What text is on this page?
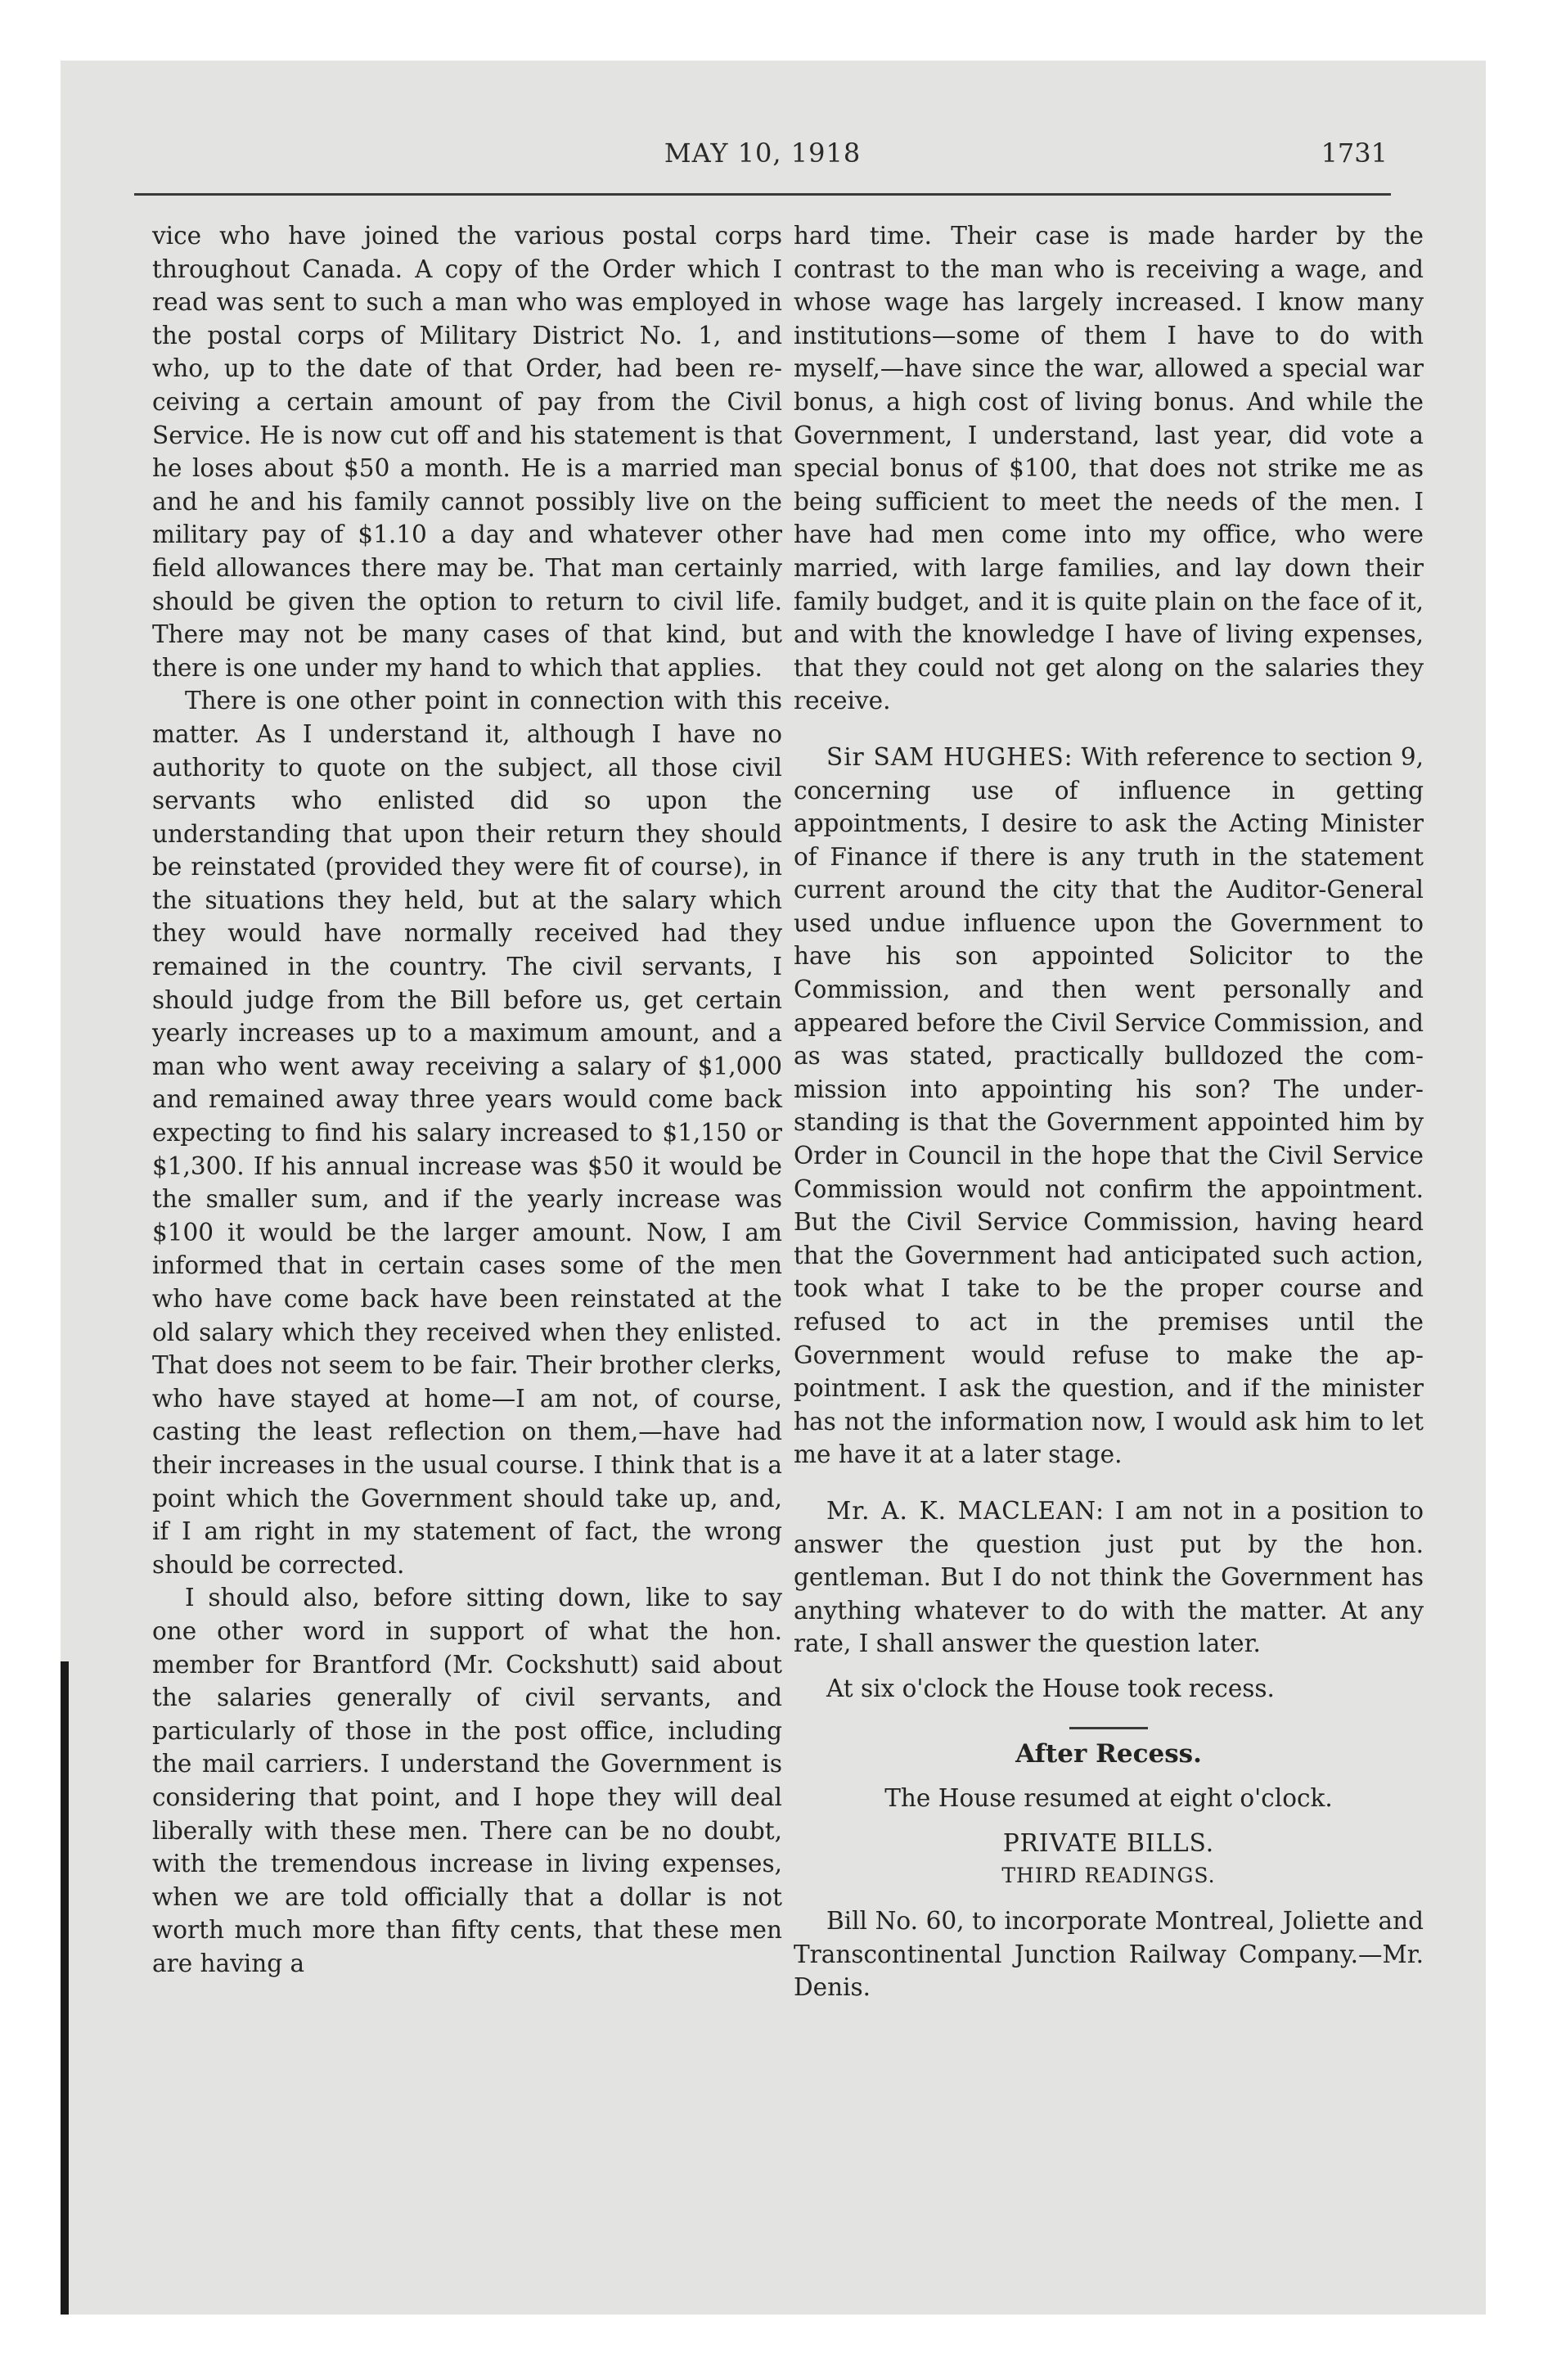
MAY 10, 1918	1731

vice who have joined the various postal corps throughout Canada. A copy of the Order which I read was sent to such a man who was employed in the postal corps of Military District No. 1, and who, up to the date of that Order, had been receiving a certain amount of pay from the Civil Service. He is now cut off and his statement is that he loses about $50 a month. He is a married man and he and his family cannot possibly live on the military pay of $1.10 a day and whatever other field allowances there may be. That man certainly should be given the option to return to civil life. There may not be many cases of that kind, but there is one under my hand to which that applies.

There is one other point in connection with this matter. As I understand it, although I have no authority to quote on the subject, all those civil servants who enlisted did so upon the understanding that upon their return they should be reinstated (provided they were fit of course), in the situations they held, but at the salary which they would have normally received had they remained in the country. The civil servants, I should judge from the Bill before us, get certain yearly increases up to a maximum amount, and a man who went away receiving a salary of $1,000 and remained away three years would come back expecting to find his salary increased to $1,150 or $1,300. If his annual increase was $50 it would be the smaller sum, and if the yearly increase was $100 it would be the larger amount. Now, I am informed that in certain cases some of the men who have come back have been reinstated at the old salary which they received when they enlisted. That does not seem to be fair. Their brother clerks, who have stayed at home—I am not, of course, casting the least reflection on them,—have had their increases in the usual course. I think that is a point which the Government should take up, and, if I am right in my statement of fact, the wrong should be corrected.

I should also, before sitting down, like to say one other word in support of what the hon. member for Brantford (Mr. Cockshutt) said about the salaries generally of civil servants, and particularly of those in the post office, including the mail carriers. I understand the Government is considering that point, and I hope they will deal liberally with these men. There can be no doubt, with the tremendous increase in living expenses, when we are told officially that a dollar is not worth much more than fifty cents, that these men are having a

hard time. Their case is made harder by the contrast to the man who is receiving a wage, and whose wage has largely increased. I know many institutions—some of them I have to do with myself,—have since the war, allowed a special war bonus, a high cost of living bonus. And while the Government, I understand, last year, did vote a special bonus of $100, that does not strike me as being sufficient to meet the needs of the men. I have had men come into my office, who were married, with large families, and lay down their family budget, and it is quite plain on the face of it, and with the knowledge I have of living expenses, that they could not get along on the salaries they receive.

Sir SAM HUGHES: With reference to section 9, concerning use of influence in getting appointments, I desire to ask the Acting Minister of Finance if there is any truth in the statement current around the city that the Auditor-General used undue influence upon the Government to have his son appointed Solicitor to the Commission, and then went personally and appeared before the Civil Service Commission, and as was stated, practically bulldozed the commission into appointing his son? The understanding is that the Government appointed him by Order in Council in the hope that the Civil Service Commission would not confirm the appointment. But the Civil Service Commission, having heard that the Government had anticipated such action, took what I take to be the proper course and refused to act in the premises until the Government would refuse to make the appointment. I ask the question, and if the minister has not the information now, I would ask him to let me have it at a later stage.

Mr. A. K. MACLEAN: I am not in a position to answer the question just put by the hon. gentleman. But I do not think the Government has anything whatever to do with the matter. At any rate, I shall answer the question later.

At six o'clock the House took recess.

After Recess.

The House resumed at eight o'clock.

PRIVATE BILLS.

THIRD READINGS.

Bill No. 60, to incorporate Montreal, Joliette and Transcontinental Junction Railway Company.—Mr. Denis.
